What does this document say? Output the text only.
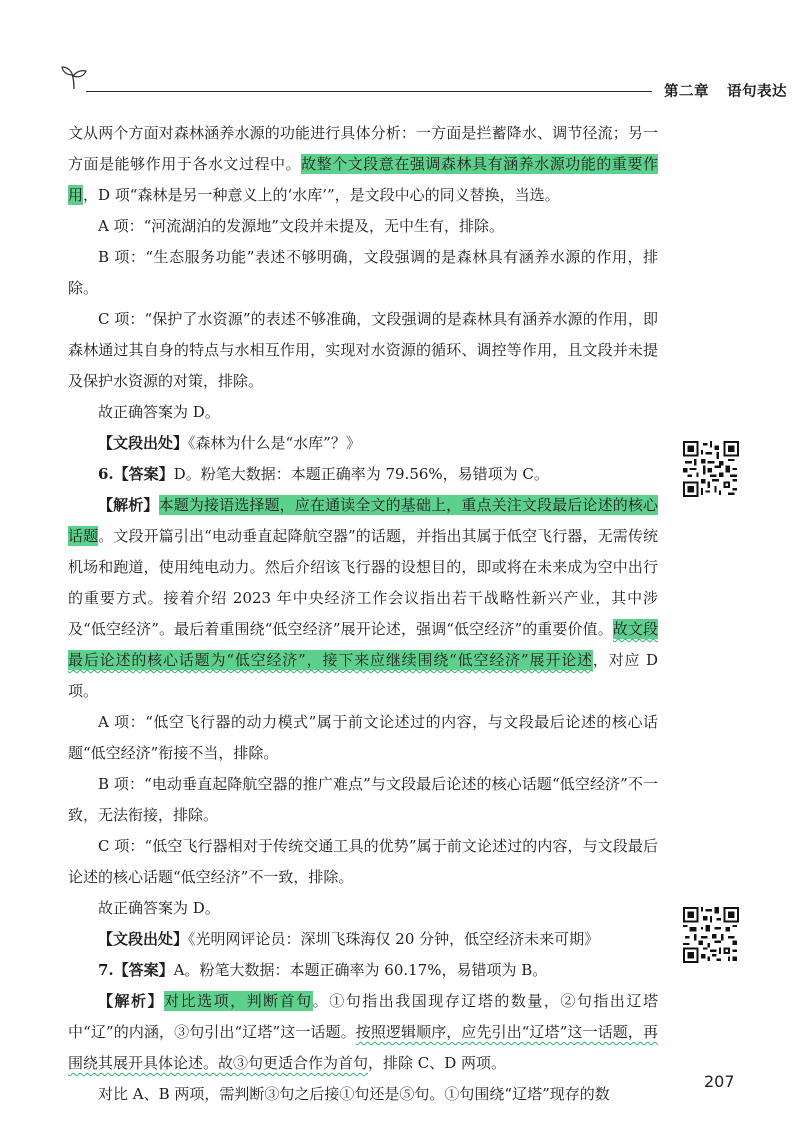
第二章 语句表达

文从两个方面对森林涵养水源的功能进行具体分析：一方面是拦蓄降水、调节径流；另一方面是能够作用于各水文过程中。故整个文段意在强调森林具有涵养水源功能的重要作用，D 项“森林是另一种意义上的‘水库’”，是文段中心的同义替换，当选。

A 项：“河流湖泊的发源地”文段并未提及，无中生有，排除。

B 项：“生态服务功能”表述不够明确，文段强调的是森林具有涵养水源的作用，排除。

C 项：“保护了水资源”的表述不够准确，文段强调的是森林具有涵养水源的作用，即森林通过其自身的特点与水相互作用，实现对水资源的循环、调控等作用，且文段并未提及保护水资源的对策，排除。

故正确答案为 D。

【文段出处】《森林为什么是“水库”？》

6.【答案】D。粉笔大数据：本题正确率为 79.56%，易错项为 C。

【解析】本题为接语选择题，应在通读全文的基础上，重点关注文段最后论述的核心话题。文段开篇引出“电动垂直起降航空器”的话题，并指出其属于低空飞行器，无需传统机场和跑道，使用纯电动力。然后介绍该飞行器的设想目的，即或将在未来成为空中出行的重要方式。接着介绍 2023 年中央经济工作会议指出若干战略性新兴产业，其中涉及“低空经济”。最后着重围绕“低空经济”展开论述，强调“低空经济”的重要价值。故文段最后论述的核心话题为“低空经济”，接下来应继续围绕“低空经济”展开论述，对应 D 项。

A 项：“低空飞行器的动力模式”属于前文论述过的内容，与文段最后论述的核心话题“低空经济”衔接不当，排除。

B 项：“电动垂直起降航空器的推广难点”与文段最后论述的核心话题“低空经济”不一致，无法衔接，排除。

C 项：“低空飞行器相对于传统交通工具的优势”属于前文论述过的内容，与文段最后论述的核心话题“低空经济”不一致，排除。

故正确答案为 D。

【文段出处】《光明网评论员：深圳飞珠海仅 20 分钟，低空经济未来可期》

7.【答案】A。粉笔大数据：本题正确率为 60.17%，易错项为 B。

【解析】对比选项，判断首句。①句指出我国现存辽塔的数量，②句指出辽塔中“辽”的内涵，③句引出“辽塔”这一话题。按照逻辑顺序，应先引出“辽塔”这一话题，再围绕其展开具体论述。故③句更适合作为首句，排除 C、D 两项。

对比 A、B 两项，需判断③句之后接①句还是⑤句。①句围绕“辽塔”现存的数

207
